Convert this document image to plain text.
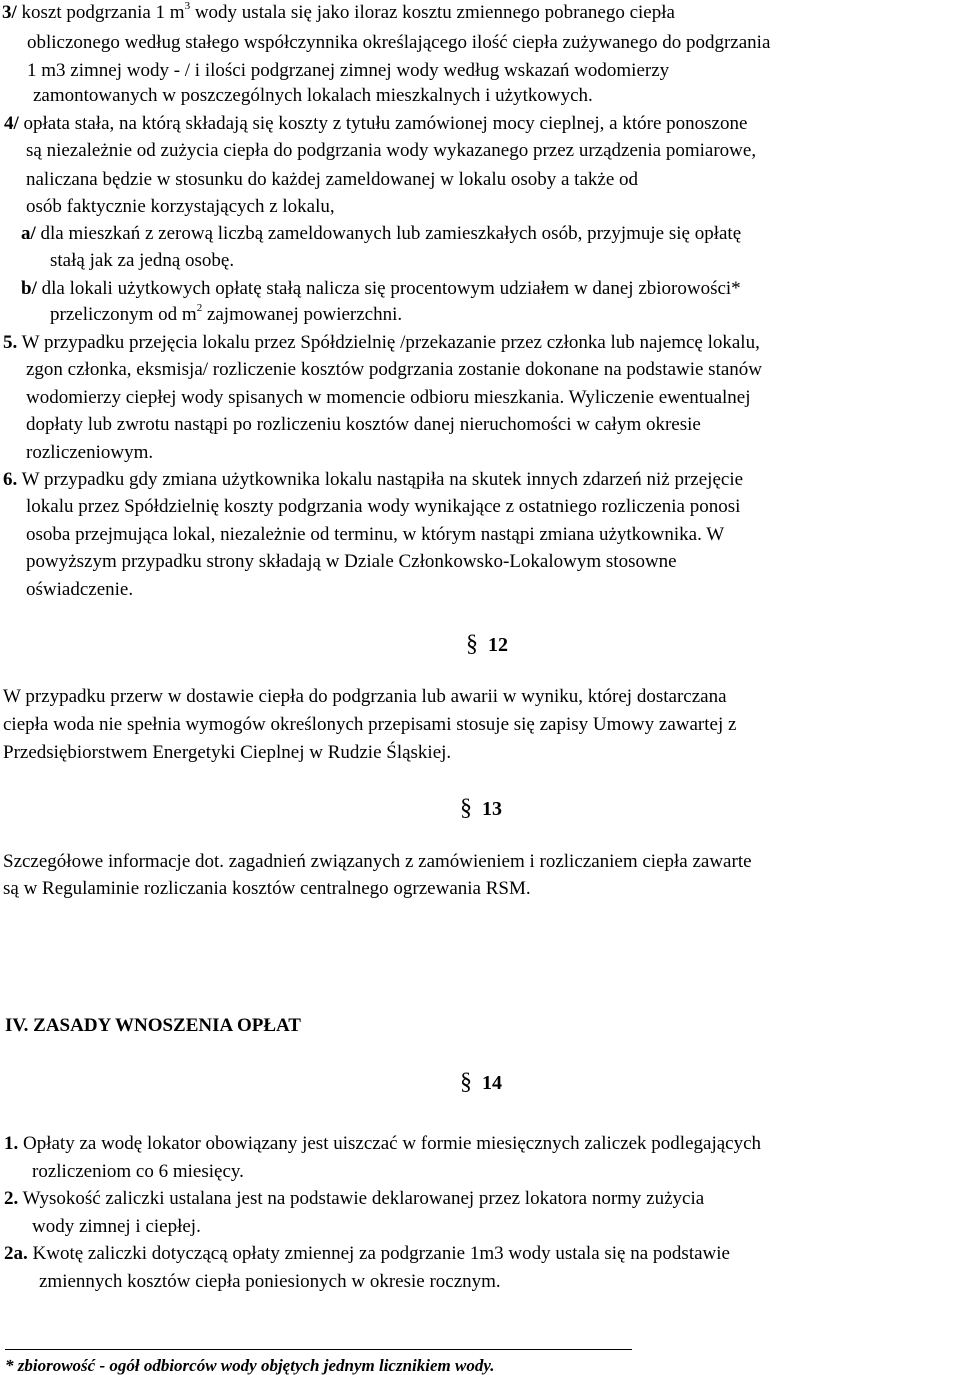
3/ koszt podgrzania 1 $m^3$ wody ustala się jako iloraz kosztu zmiennego pobranego ciepła
obliczonego według stałego współczynnika określającego ilość ciepła zużywanego do podgrzania
1 m3 zimnej wody - / i ilości podgrzanej zimnej wody według wskazań wodomierzy
zamontowanych w poszczególnych lokalach mieszkalnych i użytkowych.
4/ opłata stała, na którą składają się koszty z tytułu zamówionej mocy cieplnej, a które ponoszone
są niezależnie od zużycia ciepła do podgrzania wody wykazanego przez urządzenia pomiarowe,
naliczana będzie w stosunku do każdej zameldowanej w lokalu osoby a także od
osób faktycznie korzystających z lokalu,
a/ dla mieszkań z zerową liczbą zameldowanych lub zamieszkałych osób, przyjmuje się opłatę
stałą jak za jedną osobę.
b/ dla lokali użytkowych opłatę stałą nalicza się procentowym udziałem w danej zbiorowości*
przeliczonym od $m^2$ zajmowanej powierzchni.
5. W przypadku przejęcia lokalu przez Spółdzielnię /przekazanie przez członka lub najemcę lokalu,
zgon członka, eksmisja/ rozliczenie kosztów podgrzania zostanie dokonane na podstawie stanów
wodomierzy ciepłej wody spisanych w momencie odbioru mieszkania. Wyliczenie ewentualnej
dopłaty lub zwrotu nastąpi po rozliczeniu kosztów danej nieruchomości w całym okresie
rozliczeniowym.
6. W przypadku gdy zmiana użytkownika lokalu nastąpiła na skutek innych zdarzeń niż przejęcie
lokalu przez Spółdzielnię koszty podgrzania wody wynikające z ostatniego rozliczenia ponosi
osoba przejmująca lokal, niezależnie od terminu, w którym nastąpi zmiana użytkownika. W
powyższym przypadku strony składają w Dziale Członkowsko-Lokalowym stosowne
oświadczenie.
§ 12
W przypadku przerw w dostawie ciepła do podgrzania lub awarii w wyniku, której dostarczana
ciepła woda nie spełnia wymogów określonych przepisami stosuje się zapisy Umowy zawartej z
Przedsiębiorstwem Energetyki Cieplnej w Rudzie Śląskiej.
§ 13
Szczegółowe informacje dot. zagadnień związanych z zamówieniem i rozliczaniem ciepła zawarte
są w Regulaminie rozliczania kosztów centralnego ogrzewania RSM.
IV. ZASADY WNOSZENIA OPŁAT
§ 14
1. Opłaty za wodę lokator obowiązany jest uiszczać w formie miesięcznych zaliczek podlegających
rozliczeniom co 6 miesięcy.
2. Wysokość zaliczki ustalana jest na podstawie deklarowanej przez lokatora normy zużycia
wody zimnej i ciepłej.
2a. Kwotę zaliczki dotyczącą opłaty zmiennej za podgrzanie 1m3 wody ustala się na podstawie
zmiennych kosztów ciepła poniesionych w okresie rocznym.
* zbiorowość - ogół odbiorców wody objętych jednym licznikiem wody.
